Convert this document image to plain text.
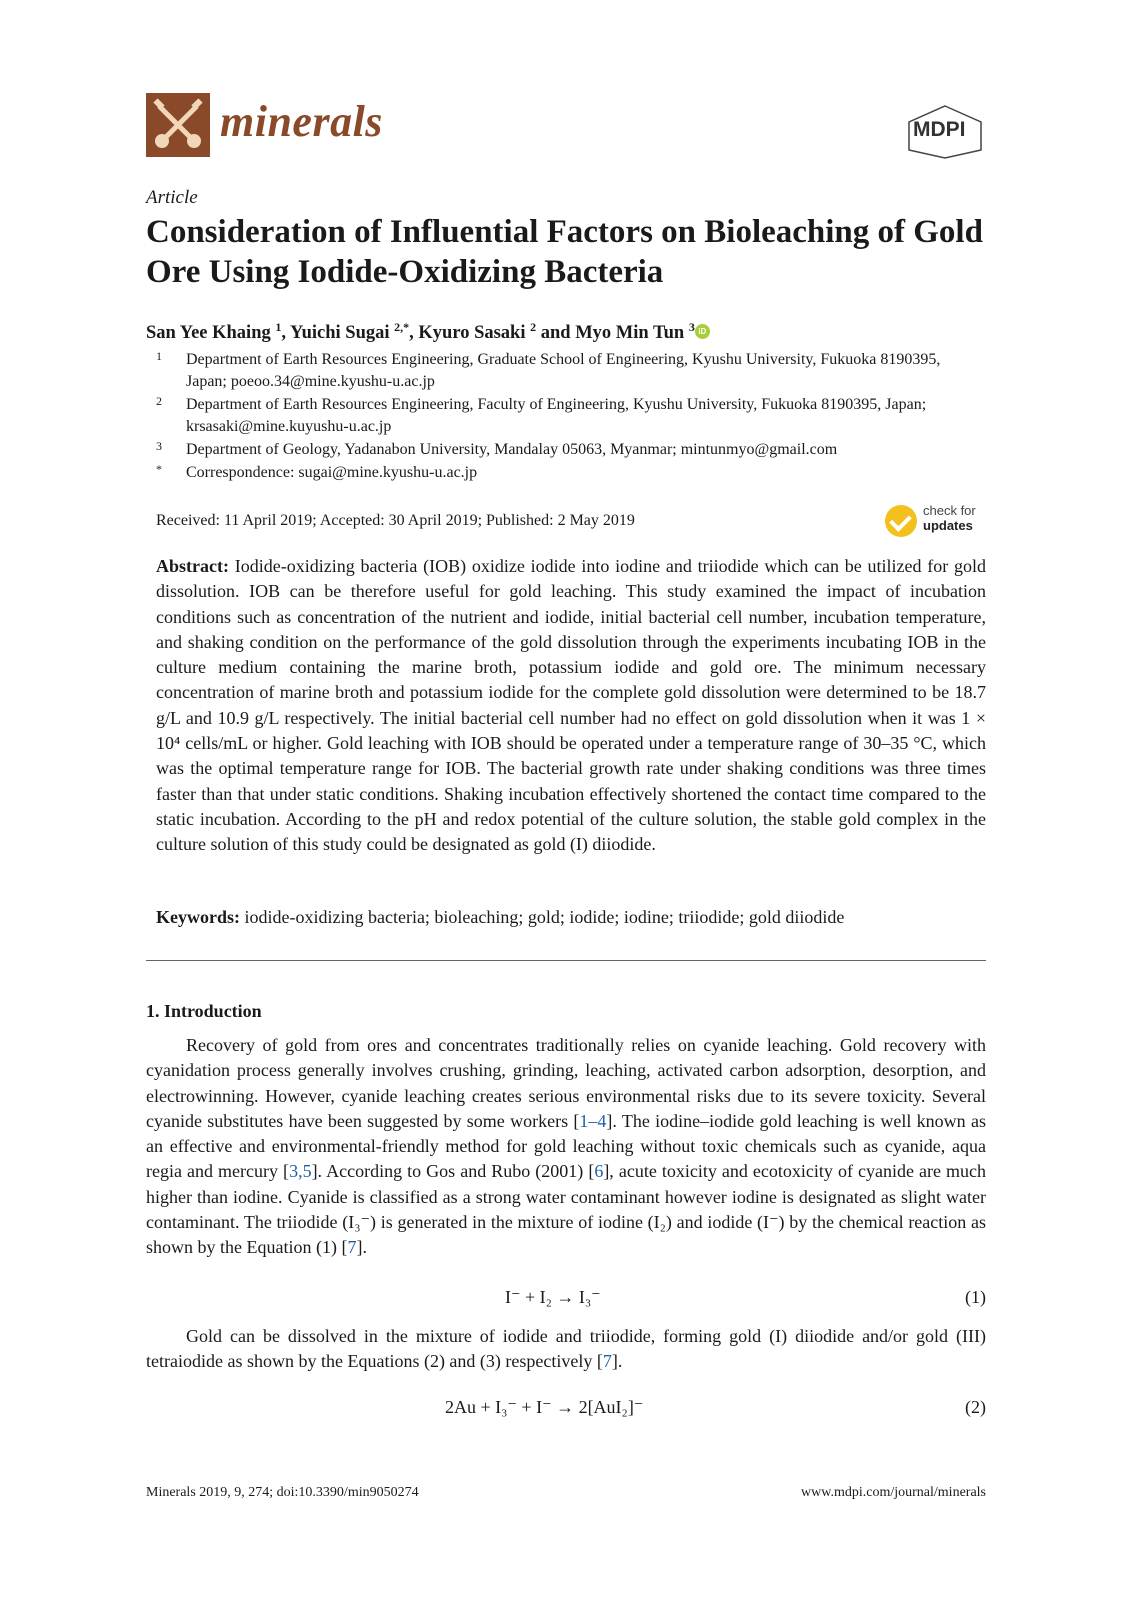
minerals	MDPI
Article
Consideration of Influential Factors on Bioleaching of Gold Ore Using Iodide-Oxidizing Bacteria
San Yee Khaing $^1$, Yuichi Sugai $^{2,*}$, Kyuro Sasaki $^2$ and Myo Min Tun $^3$ iD
1 Department of Earth Resources Engineering, Graduate School of Engineering, Kyushu University, Fukuoka 8190395, Japan; poeoo.34@mine.kyushu-u.ac.jp
2 Department of Earth Resources Engineering, Faculty of Engineering, Kyushu University, Fukuoka 8190395, Japan; krsasaki@mine.kuyushu-u.ac.jp
3 Department of Geology, Yadanabon University, Mandalay 05063, Myanmar; mintunmyo@gmail.com
* Correspondence: sugai@mine.kyushu-u.ac.jp
Received: 11 April 2019; Accepted: 30 April 2019; Published: 2 May 2019
check for
updates
Abstract: Iodide-oxidizing bacteria (IOB) oxidize iodide into iodine and triiodide which can be utilized for gold dissolution. IOB can be therefore useful for gold leaching. This study examined the impact of incubation conditions such as concentration of the nutrient and iodide, initial bacterial cell number, incubation temperature, and shaking condition on the performance of the gold dissolution through the experiments incubating IOB in the culture medium containing the marine broth, potassium iodide and gold ore. The minimum necessary concentration of marine broth and potassium iodide for the complete gold dissolution were determined to be 18.7 g/L and 10.9 g/L respectively. The initial bacterial cell number had no effect on gold dissolution when it was 1 × 10⁴ cells/mL or higher. Gold leaching with IOB should be operated under a temperature range of 30–35 °C, which was the optimal temperature range for IOB. The bacterial growth rate under shaking conditions was three times faster than that under static conditions. Shaking incubation effectively shortened the contact time compared to the static incubation. According to the pH and redox potential of the culture solution, the stable gold complex in the culture solution of this study could be designated as gold (I) diiodide.
Keywords: iodide-oxidizing bacteria; bioleaching; gold; iodide; iodine; triiodide; gold diiodide
1. Introduction
Recovery of gold from ores and concentrates traditionally relies on cyanide leaching. Gold recovery with cyanidation process generally involves crushing, grinding, leaching, activated carbon adsorption, desorption, and electrowinning. However, cyanide leaching creates serious environmental risks due to its severe toxicity. Several cyanide substitutes have been suggested by some workers [1–4]. The iodine–iodide gold leaching is well known as an effective and environmental-friendly method for gold leaching without toxic chemicals such as cyanide, aqua regia and mercury [3,5]. According to Gos and Rubo (2001) [6], acute toxicity and ecotoxicity of cyanide are much higher than iodine. Cyanide is classified as a strong water contaminant however iodine is designated as slight water contaminant. The triiodide (I₃⁻) is generated in the mixture of iodine (I₂) and iodide (I⁻) by the chemical reaction as shown by the Equation (1) [7].
I⁻ + I₂ → I₃⁻	(1)
Gold can be dissolved in the mixture of iodide and triiodide, forming gold (I) diiodide and/or gold (III) tetraiodide as shown by the Equations (2) and (3) respectively [7].
2Au + I₃⁻ + I⁻ → 2[AuI₂]⁻	(2)
Minerals 2019, 9, 274; doi:10.3390/min9050274	www.mdpi.com/journal/minerals
